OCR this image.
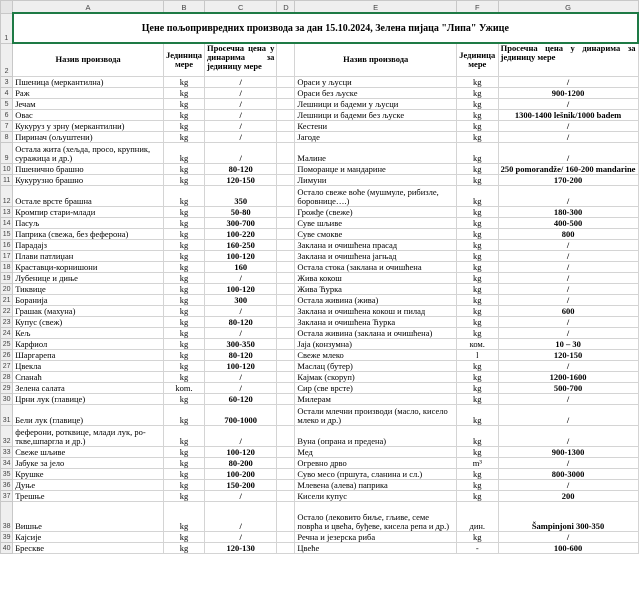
	A	B	C	D	E	F	G
1	Цене пољопривредних производа за дан 15.10.2024, Зелена пијаца "Липа" Ужице						
2	Назив производа	Јединица мере	Просечна цена у динарима за јединицу мере		Назив производа	Јединица мере	Просечна цена у динарима за јединицу мере
3	Пшеница (меркантилна)	kg	/		Ораси у љусци	kg	/
4	Раж	kg	/		Ораси без љуске	kg	900-1200
5	Јечам	kg	/		Лешници и бадеми у љусци	kg	/
6	Овас	kg	/		Лешници и бадеми без љуске	kg	1300-1400 lešnik/1000 badem
7	Кукуруз у зрну (меркантилни)	kg	/		Кестени	kg	/
8	Пиринач (ољуштени)	kg	/		Јагоде	kg	/
9	Остала жита (хељда, просо, крупник, суражица и др.)	kg	/		Малине	kg	/
10	Пшенично брашно	kg	80-120		Поморанџе и мандарине	kg	250 pomorandže/ 160-200 mandarine
11	Кукурузно брашно	kg	120-150		Лимуни	kg	170-200
12	Остале врсте брашна	kg	350		Остало свеже воће (мушмуле, рибизле, боровнице….)	kg	/
13	Кромпир стари-млади	kg	50-80		Грожђе (свеже)	kg	180-300
14	Пасуљ	kg	300-700		Суве шљиве	kg	400-500
15	Паприка (свежа, без феферона)	kg	100-220		Суве смокве	kg	800
16	Парадајз	kg	160-250		Заклана и очишћена прасад	kg	/
17	Плави патлиџан	kg	100-120		Заклана и очишћена јагњад	kg	/
18	Краставци-корнишони	kg	160		Остала стока (заклана и очишћена	kg	/
19	Лубенице и диње	kg	/		Жива кокош	kg	/
20	Тиквице	kg	100-120		Жива Ћурка	kg	/
21	Боранија	kg	300		Остала живина (жива)	kg	/
22	Грашак (махуна)	kg	/		Заклана и очишћена кокош и пилад	kg	600
23	Купус (свеж)	kg	80-120		Заклана и очишћена Ћурка	kg	/
24	Кељ	kg	/		Остала живина (заклана и очишћена)	kg	/
25	Карфиол	kg	300-350		Јаја (конзумна)	ком.	10 – 30
26	Шаргарепа	kg	80-120		Свеже млеко	l	120-150
27	Цвекла	kg	100-120		Маслац (бутер)	kg	/
28	Спанаћ	kg	/		Кајмак (скоруп)	kg	1200-1600
29	Зелена салата	kom.	/		Сир (све врсте)	kg	500-700
30	Црни лук (главице)	kg	60-120		Милерам	kg	/
31	Бели лук (главице)	kg	700-1000		Остали млечни производи (масло, кисело млеко и др.)	kg	/
32	феферони, ротквице, млади лук, ро-ткве,шпаргла и др.)	kg	/		Вуна (опрана и предена)	kg	/
33	Свеже шљиве	kg	100-120		Мед	kg	900-1300
34	Јабуке за јело	kg	80-200		Огревно дрво	m³	/
35	Крушке	kg	100-200		Суво месо (пршута, сланина и сл.)	kg	800-3000
36	Дуње	kg	150-200		Млевена (алева) паприка	kg	/
37	Трешње	kg	/		Кисели купус	kg	200
38	Вишње	kg	/		Остало (лековито биље, гљиве, семе поврћа и цвећа, буђеве, кисела репа и др.)	дин.	Šampinjoni 300-350
39	Кајсије	kg	/		Речна и језерска риба	kg	/
40	Бресквe	kg	120-130		Цвеће	-	100-600
